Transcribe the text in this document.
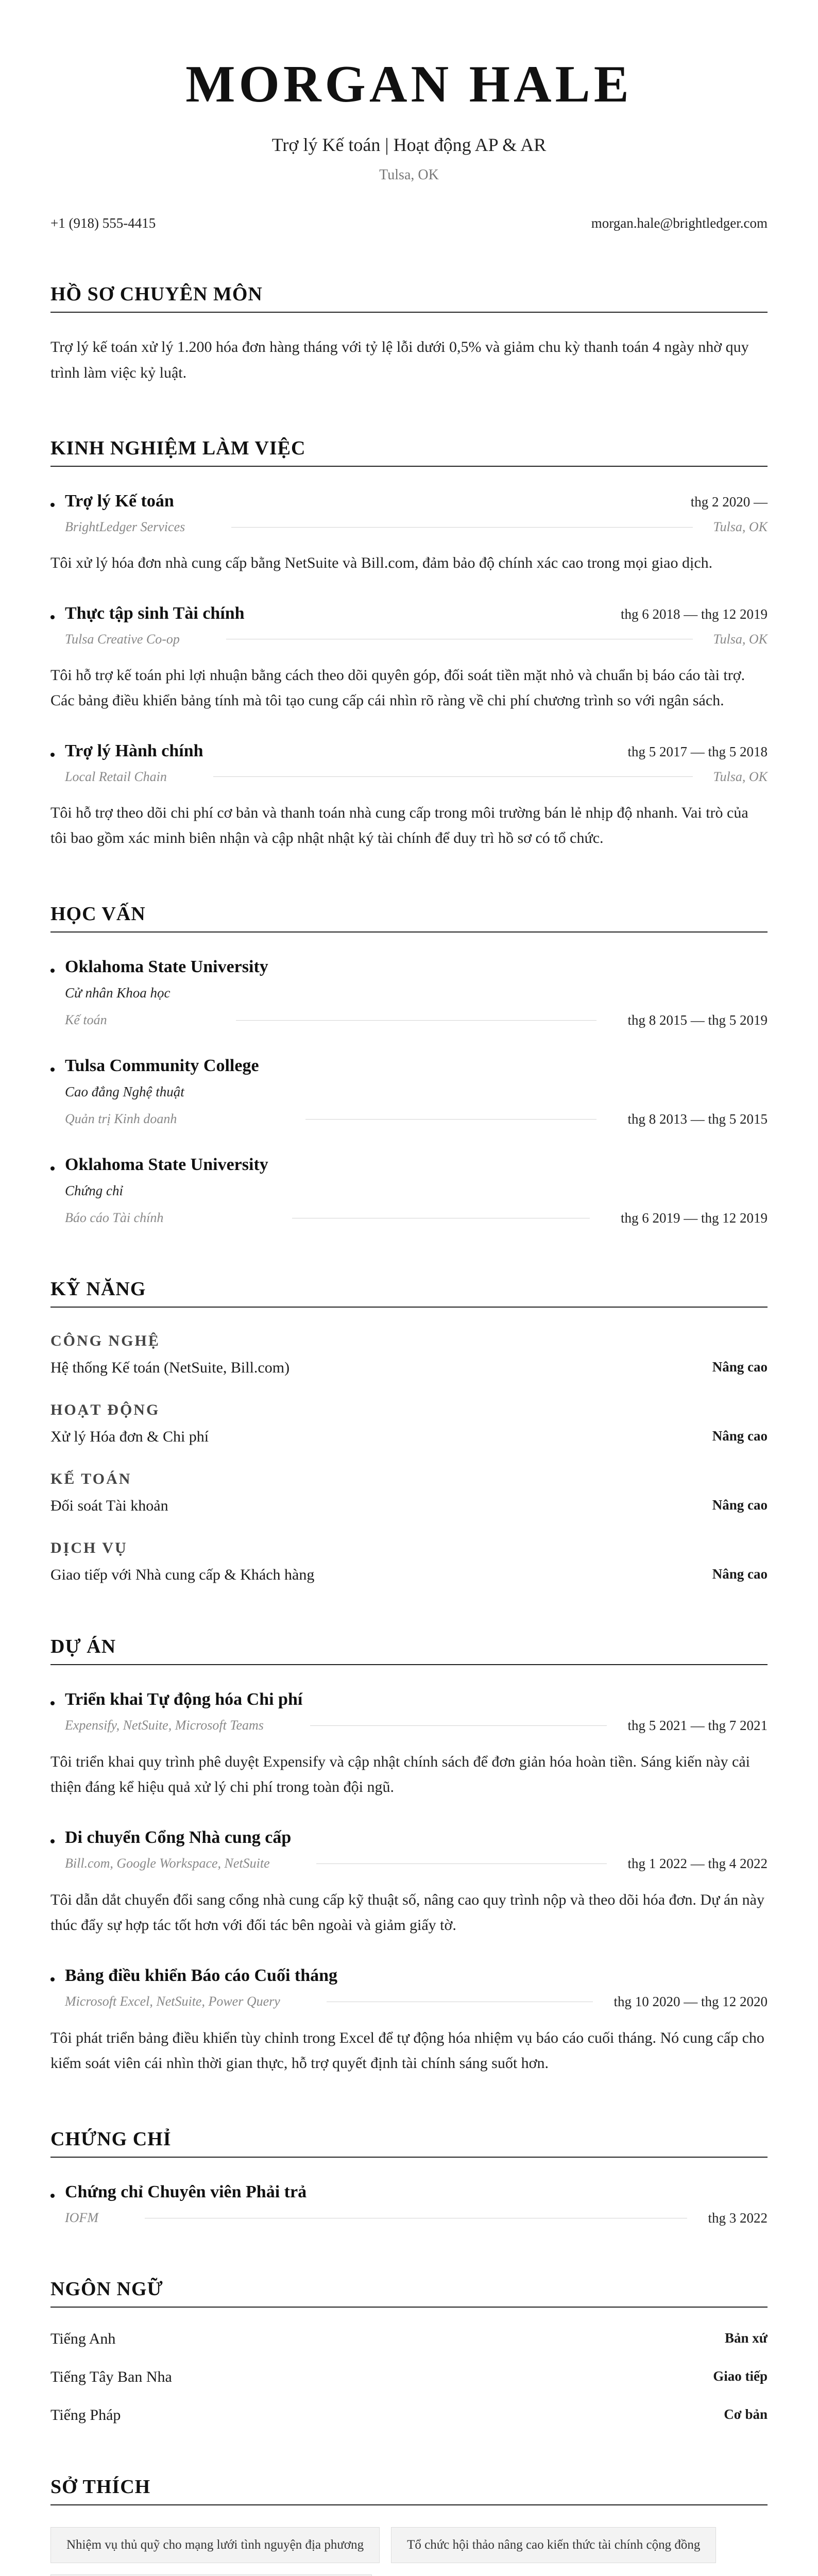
MORGAN HALE
Trợ lý Kế toán | Hoạt động AP & AR
Tulsa, OK
+1 (918) 555-4415	morgan.hale@brightledger.com
HỒ SƠ CHUYÊN MÔN

Trợ lý kế toán xử lý 1.200 hóa đơn hàng tháng với tỷ lệ lỗi dưới 0,5% và giảm chu kỳ thanh toán 4 ngày nhờ quy trình làm việc kỷ luật.

KINH NGHIỆM LÀM VIỆC
Trợ lý Kế toán	thg 2 2020 —
BrightLedger Services	Tulsa, OK

Tôi xử lý hóa đơn nhà cung cấp bằng NetSuite và Bill.com, đảm bảo độ chính xác cao trong mọi giao dịch.

Thực tập sinh Tài chính	thg 6 2018 — thg 12 2019
Tulsa Creative Co-op	Tulsa, OK

Tôi hỗ trợ kế toán phi lợi nhuận bằng cách theo dõi quyên góp, đối soát tiền mặt nhỏ và chuẩn bị báo cáo tài trợ. Các bảng điều khiển bảng tính mà tôi tạo cung cấp cái nhìn rõ ràng về chi phí chương trình so với ngân sách.

Trợ lý Hành chính	thg 5 2017 — thg 5 2018
Local Retail Chain	Tulsa, OK

Tôi hỗ trợ theo dõi chi phí cơ bản và thanh toán nhà cung cấp trong môi trường bán lẻ nhịp độ nhanh. Vai trò của tôi bao gồm xác minh biên nhận và cập nhật nhật ký tài chính để duy trì hồ sơ có tổ chức.

HỌC VẤN
Oklahoma State University
Cử nhân Khoa học
Kế toán	thg 8 2015 — thg 5 2019
Tulsa Community College
Cao đẳng Nghệ thuật
Quản trị Kinh doanh	thg 8 2013 — thg 5 2015
Oklahoma State University
Chứng chỉ
Báo cáo Tài chính	thg 6 2019 — thg 12 2019
KỸ NĂNG
CÔNG NGHỆ
Hệ thống Kế toán (NetSuite, Bill.com)	Nâng cao
HOẠT ĐỘNG
Xử lý Hóa đơn & Chi phí	Nâng cao
KẾ TOÁN
Đối soát Tài khoản	Nâng cao
DỊCH VỤ
Giao tiếp với Nhà cung cấp & Khách hàng	Nâng cao
DỰ ÁN
Triển khai Tự động hóa Chi phí
Expensify, NetSuite, Microsoft Teams	thg 5 2021 — thg 7 2021

Tôi triển khai quy trình phê duyệt Expensify và cập nhật chính sách để đơn giản hóa hoàn tiền. Sáng kiến này cải thiện đáng kể hiệu quả xử lý chi phí trong toàn đội ngũ.

Di chuyển Cổng Nhà cung cấp
Bill.com, Google Workspace, NetSuite	thg 1 2022 — thg 4 2022

Tôi dẫn dắt chuyển đổi sang cổng nhà cung cấp kỹ thuật số, nâng cao quy trình nộp và theo dõi hóa đơn. Dự án này thúc đẩy sự hợp tác tốt hơn với đối tác bên ngoài và giảm giấy tờ.

Bảng điều khiển Báo cáo Cuối tháng
Microsoft Excel, NetSuite, Power Query	thg 10 2020 — thg 12 2020

Tôi phát triển bảng điều khiển tùy chỉnh trong Excel để tự động hóa nhiệm vụ báo cáo cuối tháng. Nó cung cấp cho kiểm soát viên cái nhìn thời gian thực, hỗ trợ quyết định tài chính sáng suốt hơn.

CHỨNG CHỈ
Chứng chỉ Chuyên viên Phải trả
IOFM	thg 3 2022
NGÔN NGỮ
Tiếng Anh	Bản xứ
Tiếng Tây Ban Nha	Giao tiếp
Tiếng Pháp	Cơ bản
SỞ THÍCH
Nhiệm vụ thủ quỹ cho mạng lưới tình nguyện địa phương	Tổ chức hội thảo nâng cao kiến thức tài chính cộng đồng
